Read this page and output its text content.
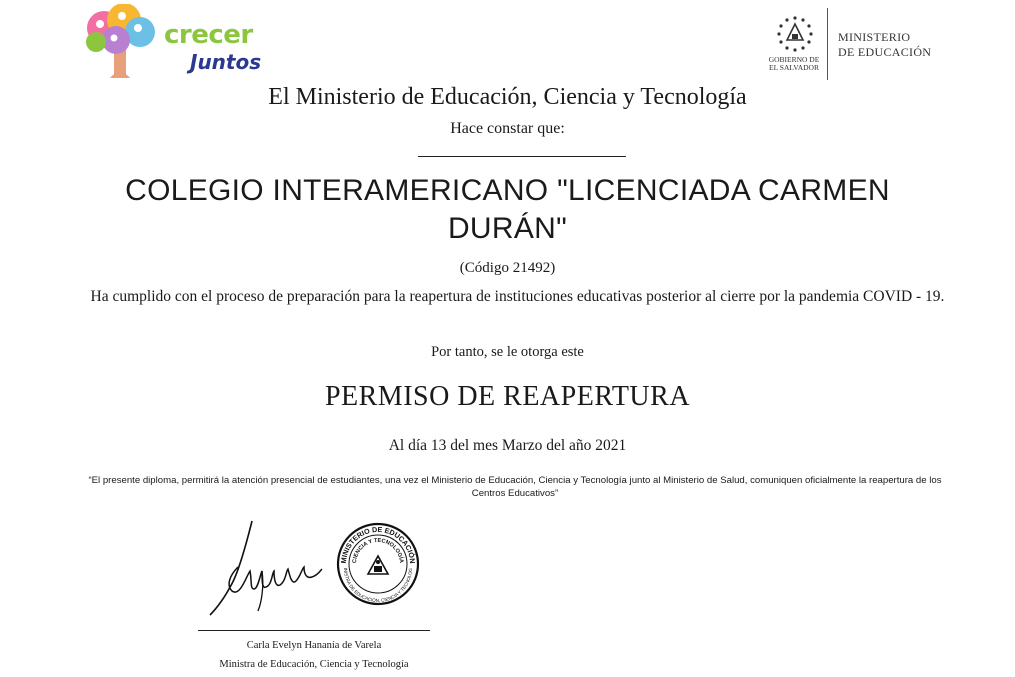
crecer
Juntos	GOBIERNO DE
EL SALVADOR
MINISTERIO
DE EDUCACIÓN
El Ministerio de Educación, Ciencia y Tecnología
Hace constar que:
COLEGIO INTERAMERICANO "LICENCIADA CARMEN
DURÁN"
(Código 21492)
Ha cumplido con el proceso de preparación para la reapertura de instituciones educativas posterior al cierre por la pandemia COVID - 19.
Por tanto, se le otorga este
PERMISO DE REAPERTURA
Al día 13 del mes Marzo del año 2021
“El presente diploma, permitirá la atención presencial de estudiantes, una vez el Ministerio de Educación, Ciencia y Tecnología junto al Ministerio de Salud, comuniquen oficialmente la reapertura de los Centros Educativos”
MINISTERIO DE EDUCACIÓN
CIENCIA Y TECNOLOGÍA
INISTRA DE EDUCACIÓN, CIENCIA Y TECNOLOG
Carla Evelyn Hananía de Varela
Ministra de Educación, Ciencia y Tecnología
